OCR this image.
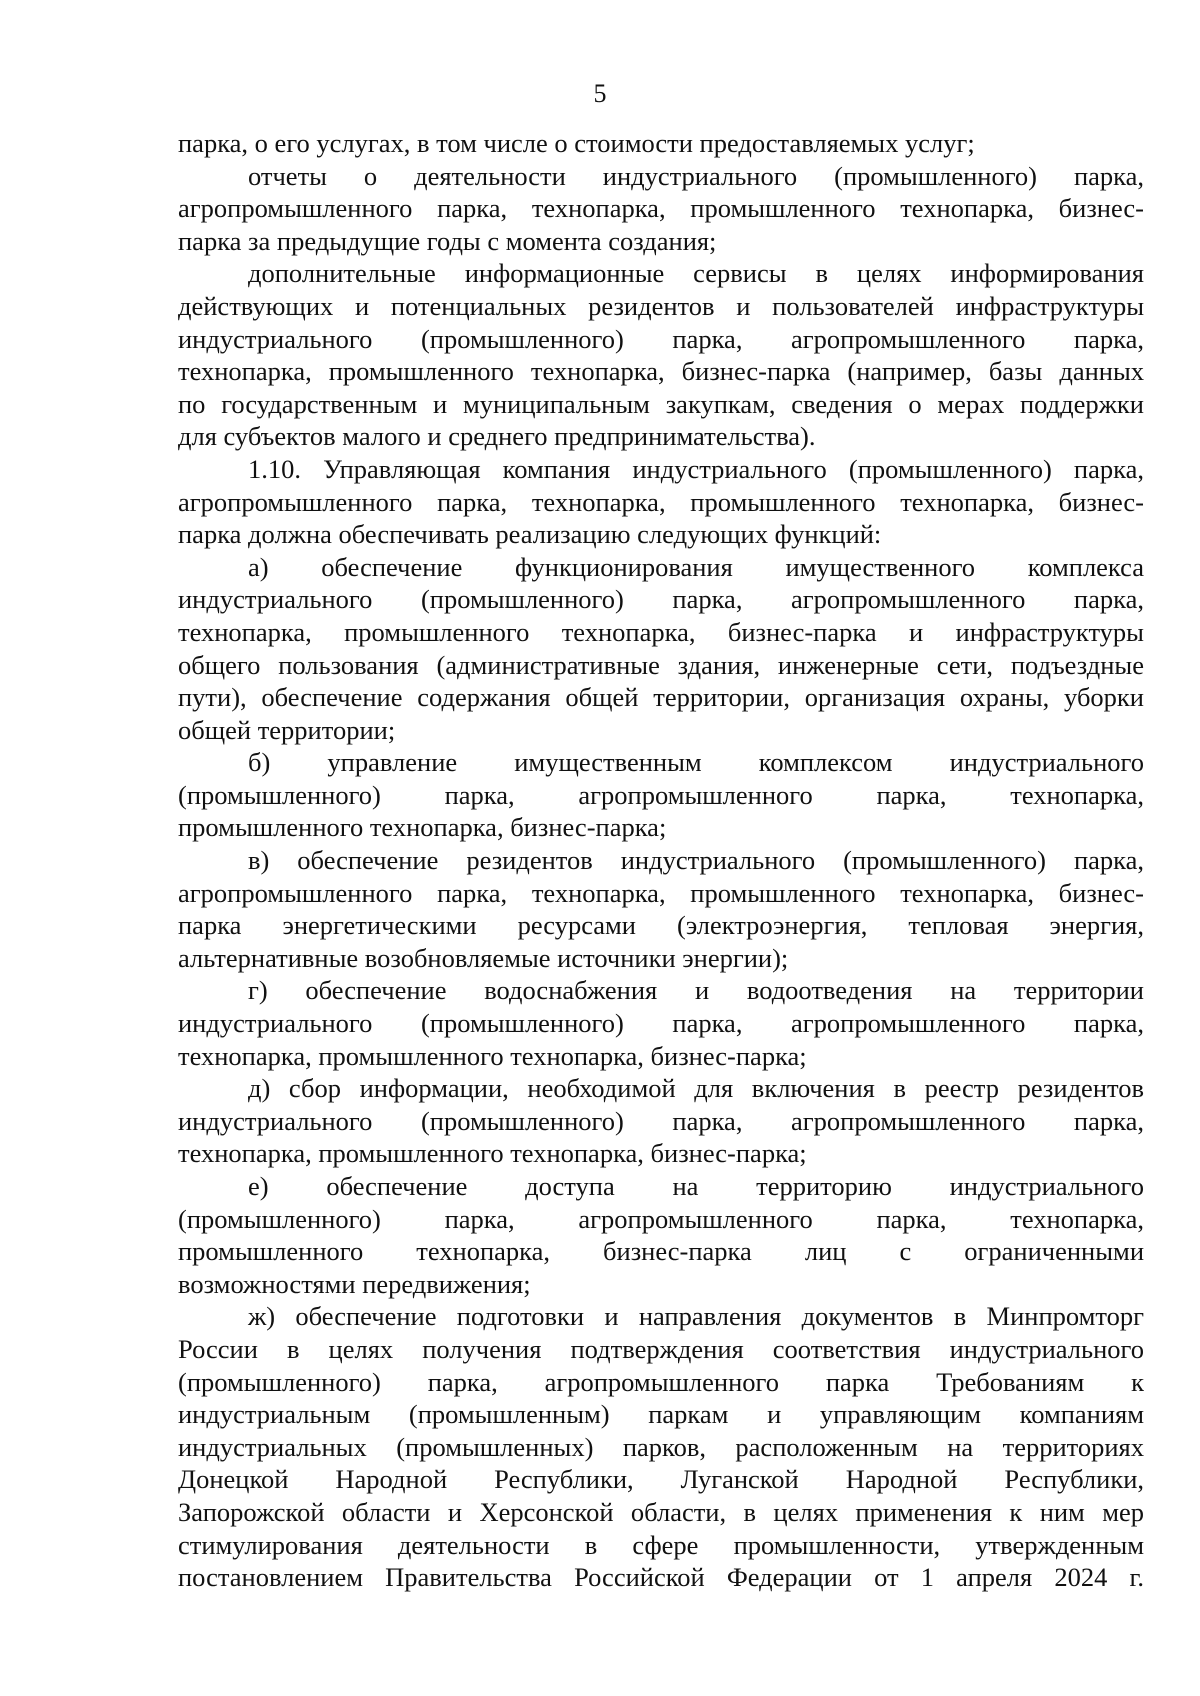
5
парка, о его услугах, в том числе о стоимости предоставляемых услуг;
отчеты о деятельности индустриального (промышленного) парка,
агропромышленного парка, технопарка, промышленного технопарка, бизнес-
парка за предыдущие годы с момента создания;
дополнительные информационные сервисы в целях информирования
действующих и потенциальных резидентов и пользователей инфраструктуры
индустриального (промышленного) парка, агропромышленного парка,
технопарка, промышленного технопарка, бизнес-парка (например, базы данных
по государственным и муниципальным закупкам, сведения о мерах поддержки
для субъектов малого и среднего предпринимательства).
1.10. Управляющая компания индустриального (промышленного) парка,
агропромышленного парка, технопарка, промышленного технопарка, бизнес-
парка должна обеспечивать реализацию следующих функций:
а) обеспечение функционирования имущественного комплекса
индустриального (промышленного) парка, агропромышленного парка,
технопарка, промышленного технопарка, бизнес-парка и инфраструктуры
общего пользования (административные здания, инженерные сети, подъездные
пути), обеспечение содержания общей территории, организация охраны, уборки
общей территории;
б) управление имущественным комплексом индустриального
(промышленного) парка, агропромышленного парка, технопарка,
промышленного технопарка, бизнес-парка;
в) обеспечение резидентов индустриального (промышленного) парка,
агропромышленного парка, технопарка, промышленного технопарка, бизнес-
парка энергетическими ресурсами (электроэнергия, тепловая энергия,
альтернативные возобновляемые источники энергии);
г) обеспечение водоснабжения и водоотведения на территории
индустриального (промышленного) парка, агропромышленного парка,
технопарка, промышленного технопарка, бизнес-парка;
д) сбор информации, необходимой для включения в реестр резидентов
индустриального (промышленного) парка, агропромышленного парка,
технопарка, промышленного технопарка, бизнес-парка;
е) обеспечение доступа на территорию индустриального
(промышленного) парка, агропромышленного парка, технопарка,
промышленного технопарка, бизнес-парка лиц с ограниченными
возможностями передвижения;
ж) обеспечение подготовки и направления документов в Минпромторг
России в целях получения подтверждения соответствия индустриального
(промышленного) парка, агропромышленного парка Требованиям к
индустриальным (промышленным) паркам и управляющим компаниям
индустриальных (промышленных) парков, расположенным на территориях
Донецкой Народной Республики, Луганской Народной Республики,
Запорожской области и Херсонской области, в целях применения к ним мер
стимулирования деятельности в сфере промышленности, утвержденным
постановлением Правительства Российской Федерации от 1 апреля 2024 г.
